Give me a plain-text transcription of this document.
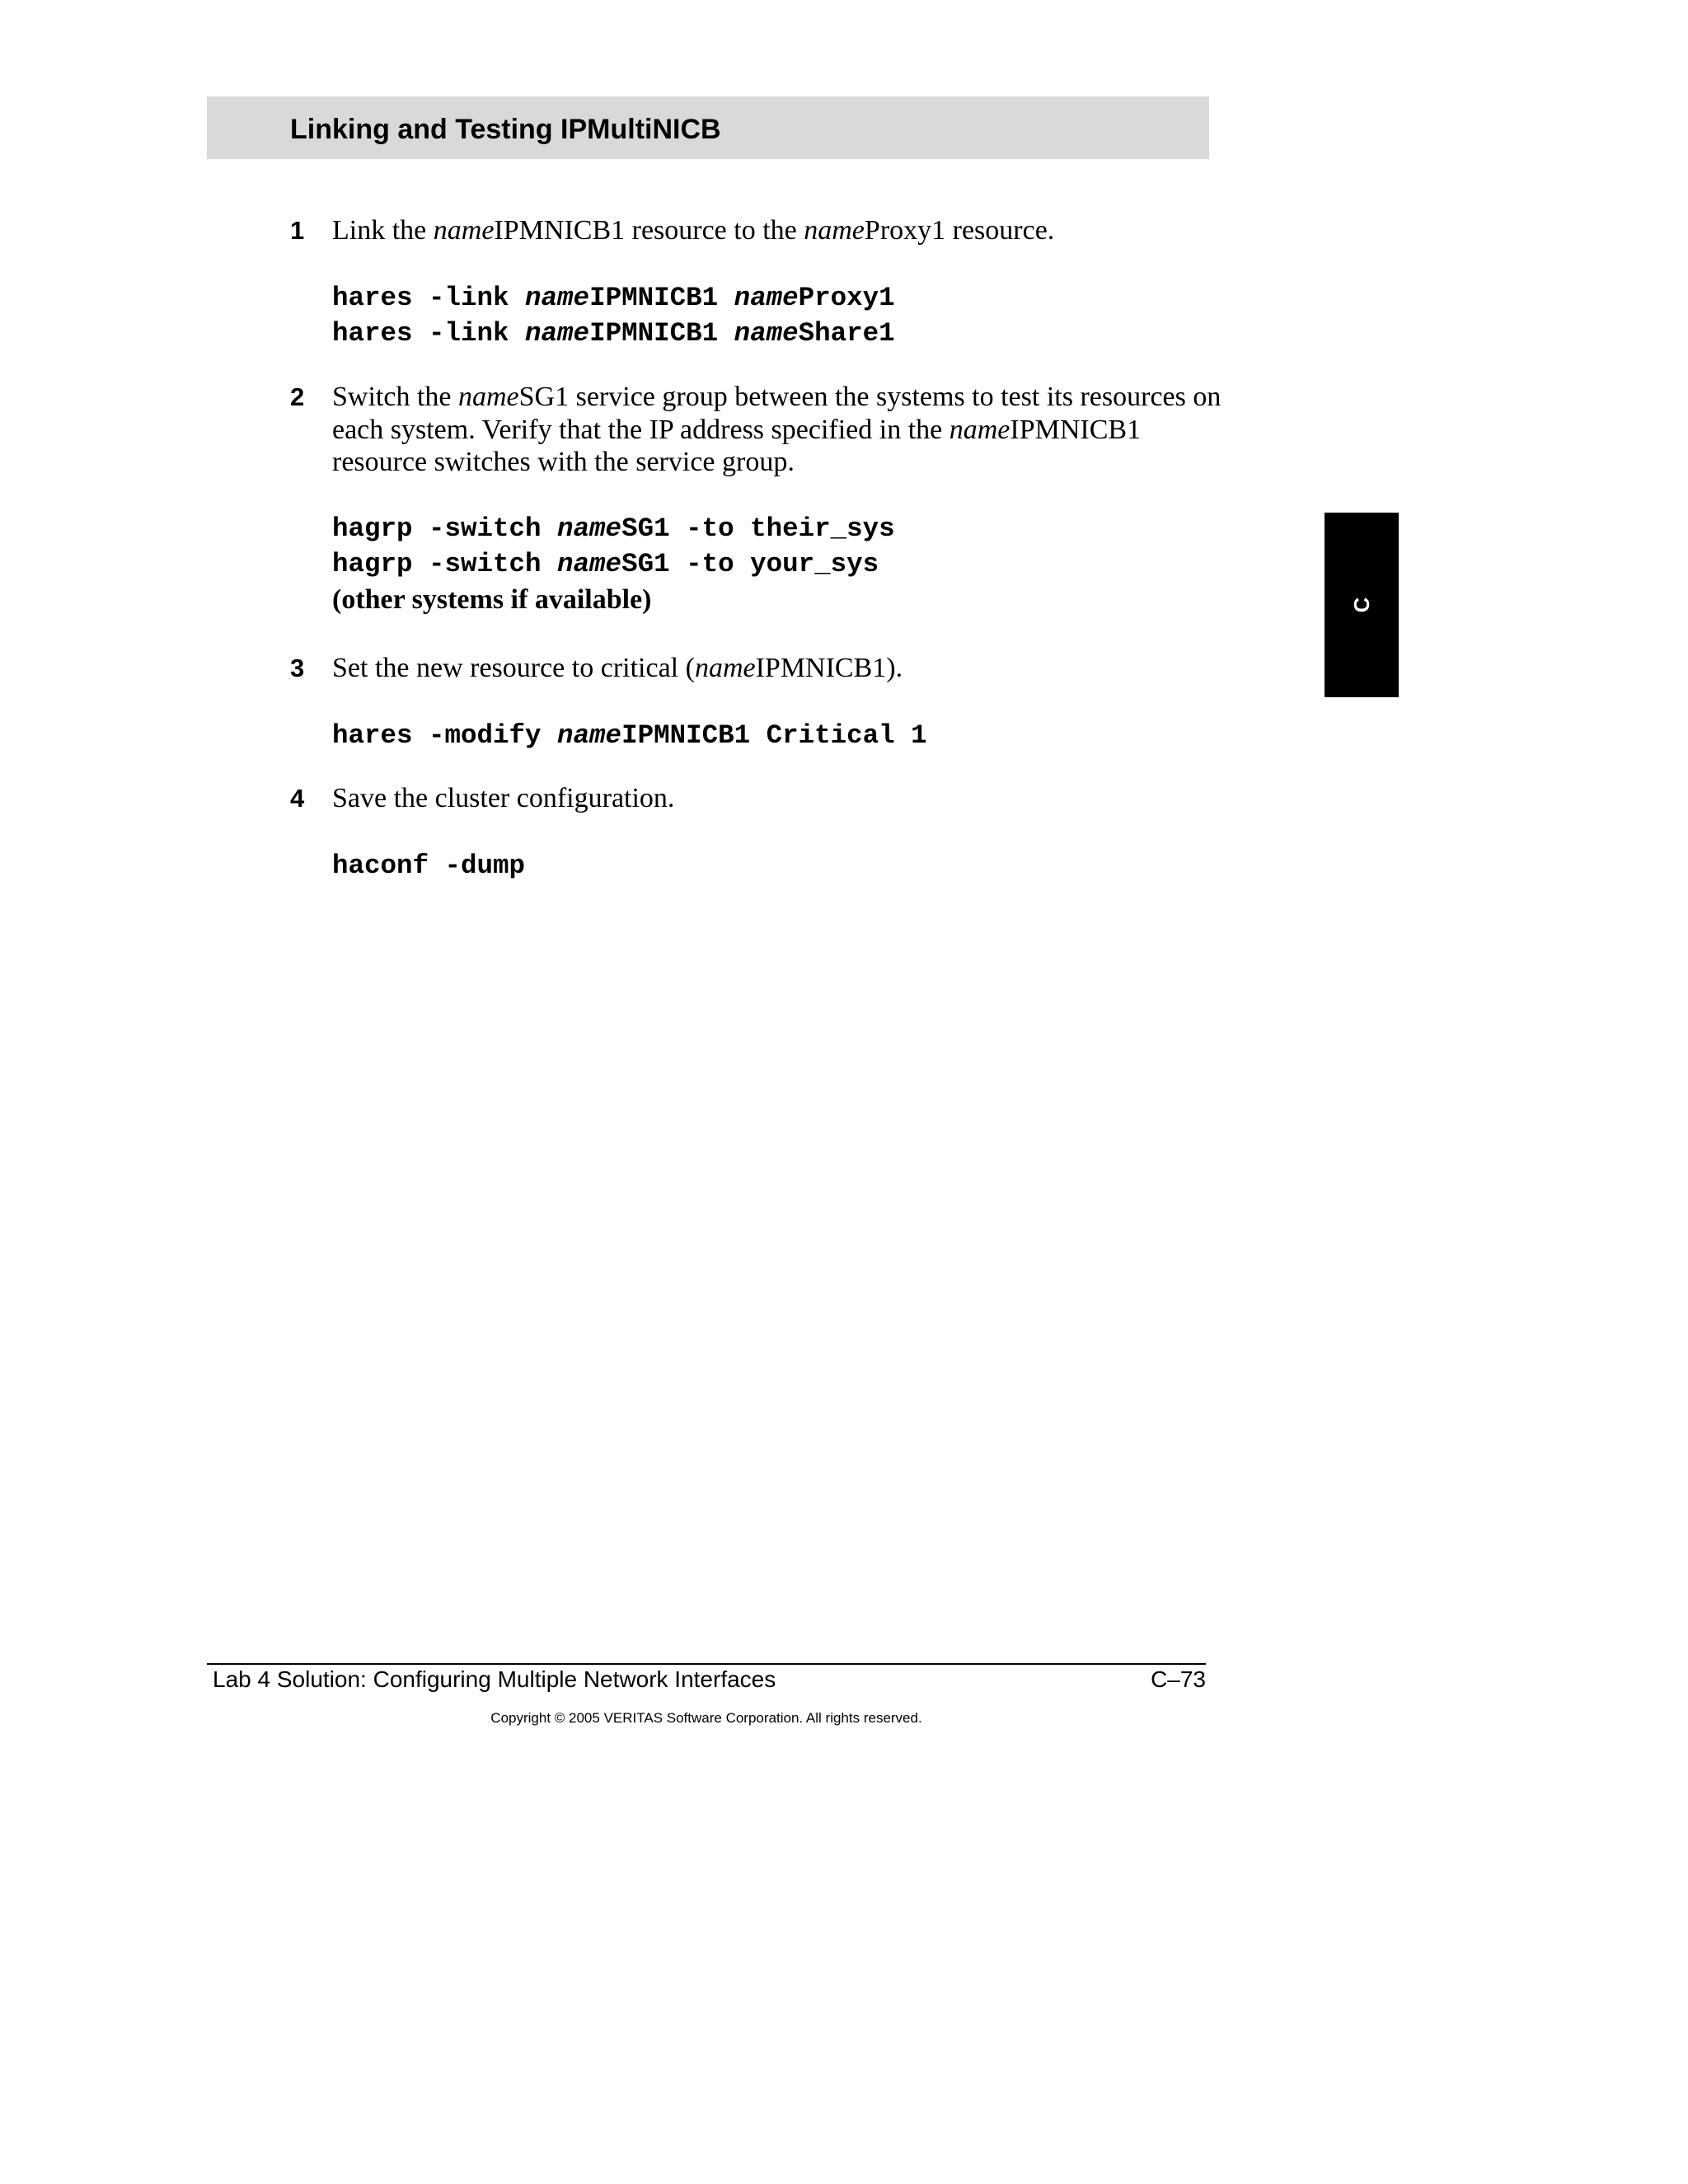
Linking and Testing IPMultiNICB
1 Link the nameIPMNICB1 resource to the nameProxy1 resource.
hares -link nameIPMNICB1 nameProxy1
hares -link nameIPMNICB1 nameShare1
2 Switch the nameSG1 service group between the systems to test its resources on
each system. Verify that the IP address specified in the nameIPMNICB1
resource switches with the service group.
hagrp -switch nameSG1 -to their_sys
hagrp -switch nameSG1 -to your_sys
(other systems if available)
3 Set the new resource to critical (nameIPMNICB1).
hares -modify nameIPMNICB1 Critical 1
4 Save the cluster configuration.
haconf -dump
C
Lab 4 Solution: Configuring Multiple Network Interfaces	C–73
Copyright © 2005 VERITAS Software Corporation. All rights reserved.
